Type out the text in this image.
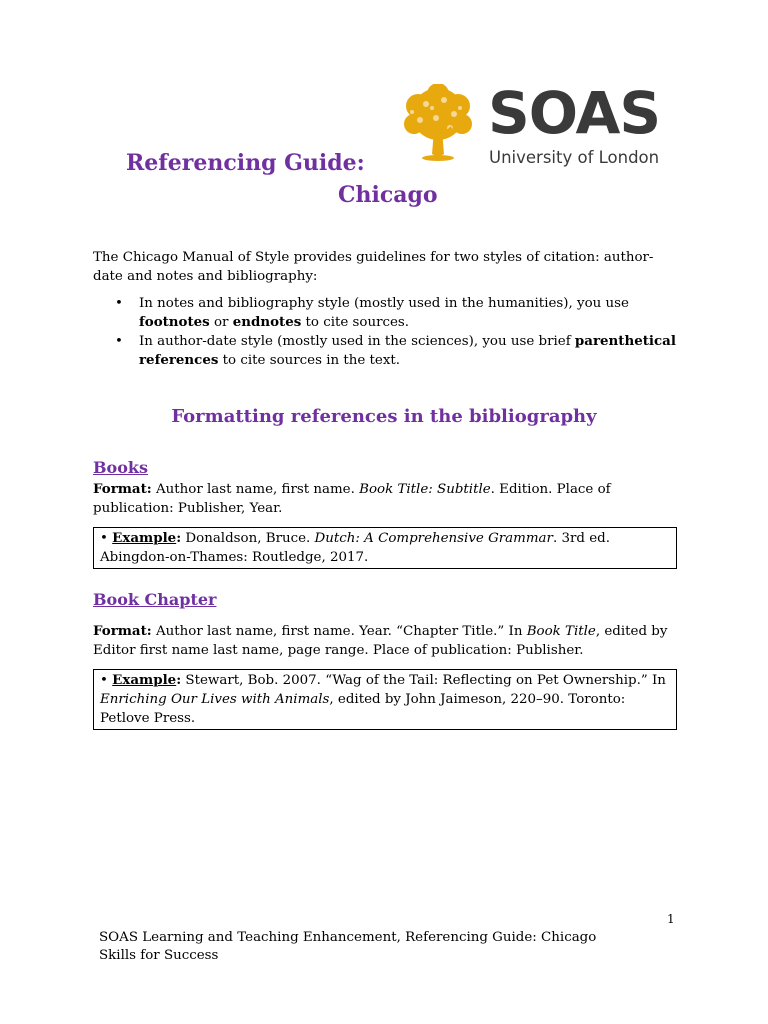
SOAS
University of London
Referencing Guide:
Chicago
The Chicago Manual of Style provides guidelines for two styles of citation: author-date and notes and bibliography:
• In notes and bibliography style (mostly used in the humanities), you use footnotes or endnotes to cite sources.
• In author-date style (mostly used in the sciences), you use brief parenthetical references to cite sources in the text.
Formatting references in the bibliography
Books
Format: Author last name, first name. Book Title: Subtitle. Edition. Place of publication: Publisher, Year.
• Example: Donaldson, Bruce. Dutch: A Comprehensive Grammar. 3rd ed. Abingdon-on-Thames: Routledge, 2017.
Book Chapter
Format: Author last name, first name. Year. “Chapter Title.” In Book Title, edited by Editor first name last name, page range. Place of publication: Publisher.
• Example: Stewart, Bob. 2007. “Wag of the Tail: Reflecting on Pet Ownership.” In Enriching Our Lives with Animals, edited by John Jaimeson, 220–90. Toronto: Petlove Press.
1
SOAS Learning and Teaching Enhancement, Referencing Guide: Chicago
Skills for Success
